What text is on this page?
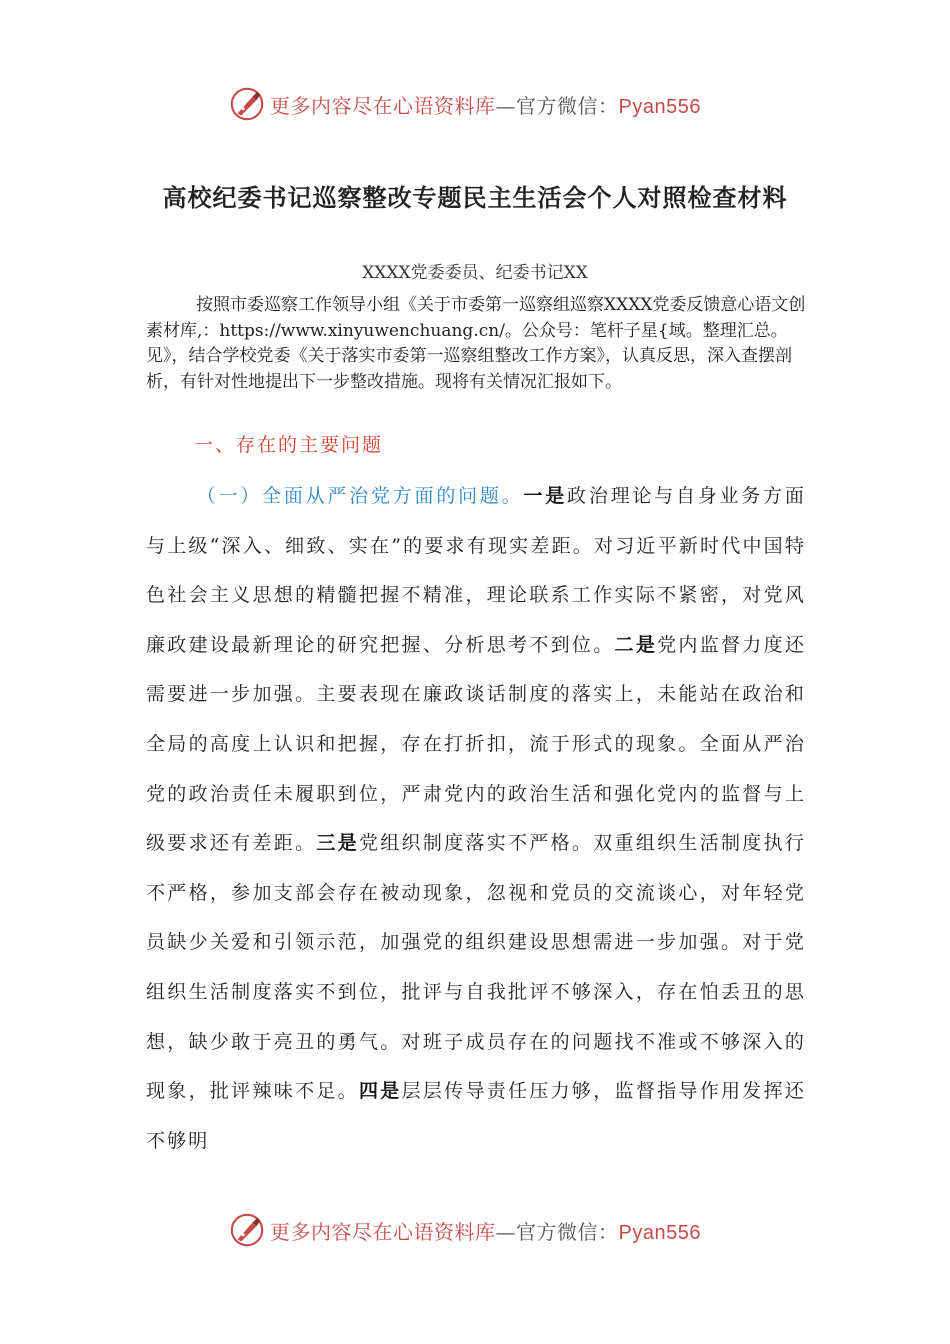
更多内容尽在心语资料库—官方微信：Pyan556
高校纪委书记巡察整改专题民主生活会个人对照检查材料
XXXX党委委员、纪委书记XX
按照市委巡察工作领导小组《关于市委第一巡察组巡察XXXX党委反馈意心语文创素材库,：https://www.xinyuwenchuang.cn/。公众号：笔杆子星{域。整理汇总。见》，结合学校党委《关于落实市委第一巡察组整改工作方案》，认真反思，深入查摆剖析，有针对性地提出下一步整改措施。现将有关情况汇报如下。
一、存在的主要问题
（一）全面从严治党方面的问题。一是政治理论与自身业务方面与上级“深入、细致、实在”的要求有现实差距。对习近平新时代中国特色社会主义思想的精髓把握不精准，理论联系工作实际不紧密，对党风廉政建设最新理论的研究把握、分析思考不到位。二是党内监督力度还需要进一步加强。主要表现在廉政谈话制度的落实上，未能站在政治和全局的高度上认识和把握，存在打折扣，流于形式的现象。全面从严治党的政治责任未履职到位，严肃党内的政治生活和强化党内的监督与上级要求还有差距。三是党组织制度落实不严格。双重组织生活制度执行不严格，参加支部会存在被动现象，忽视和党员的交流谈心，对年轻党员缺少关爱和引领示范，加强党的组织建设思想需进一步加强。对于党组织生活制度落实不到位，批评与自我批评不够深入，存在怕丢丑的思想，缺少敢于亮丑的勇气。对班子成员存在的问题找不准或不够深入的现象，批评辣味不足。四是层层传导责任压力够，监督指导作用发挥还不够明
更多内容尽在心语资料库—官方微信：Pyan556
